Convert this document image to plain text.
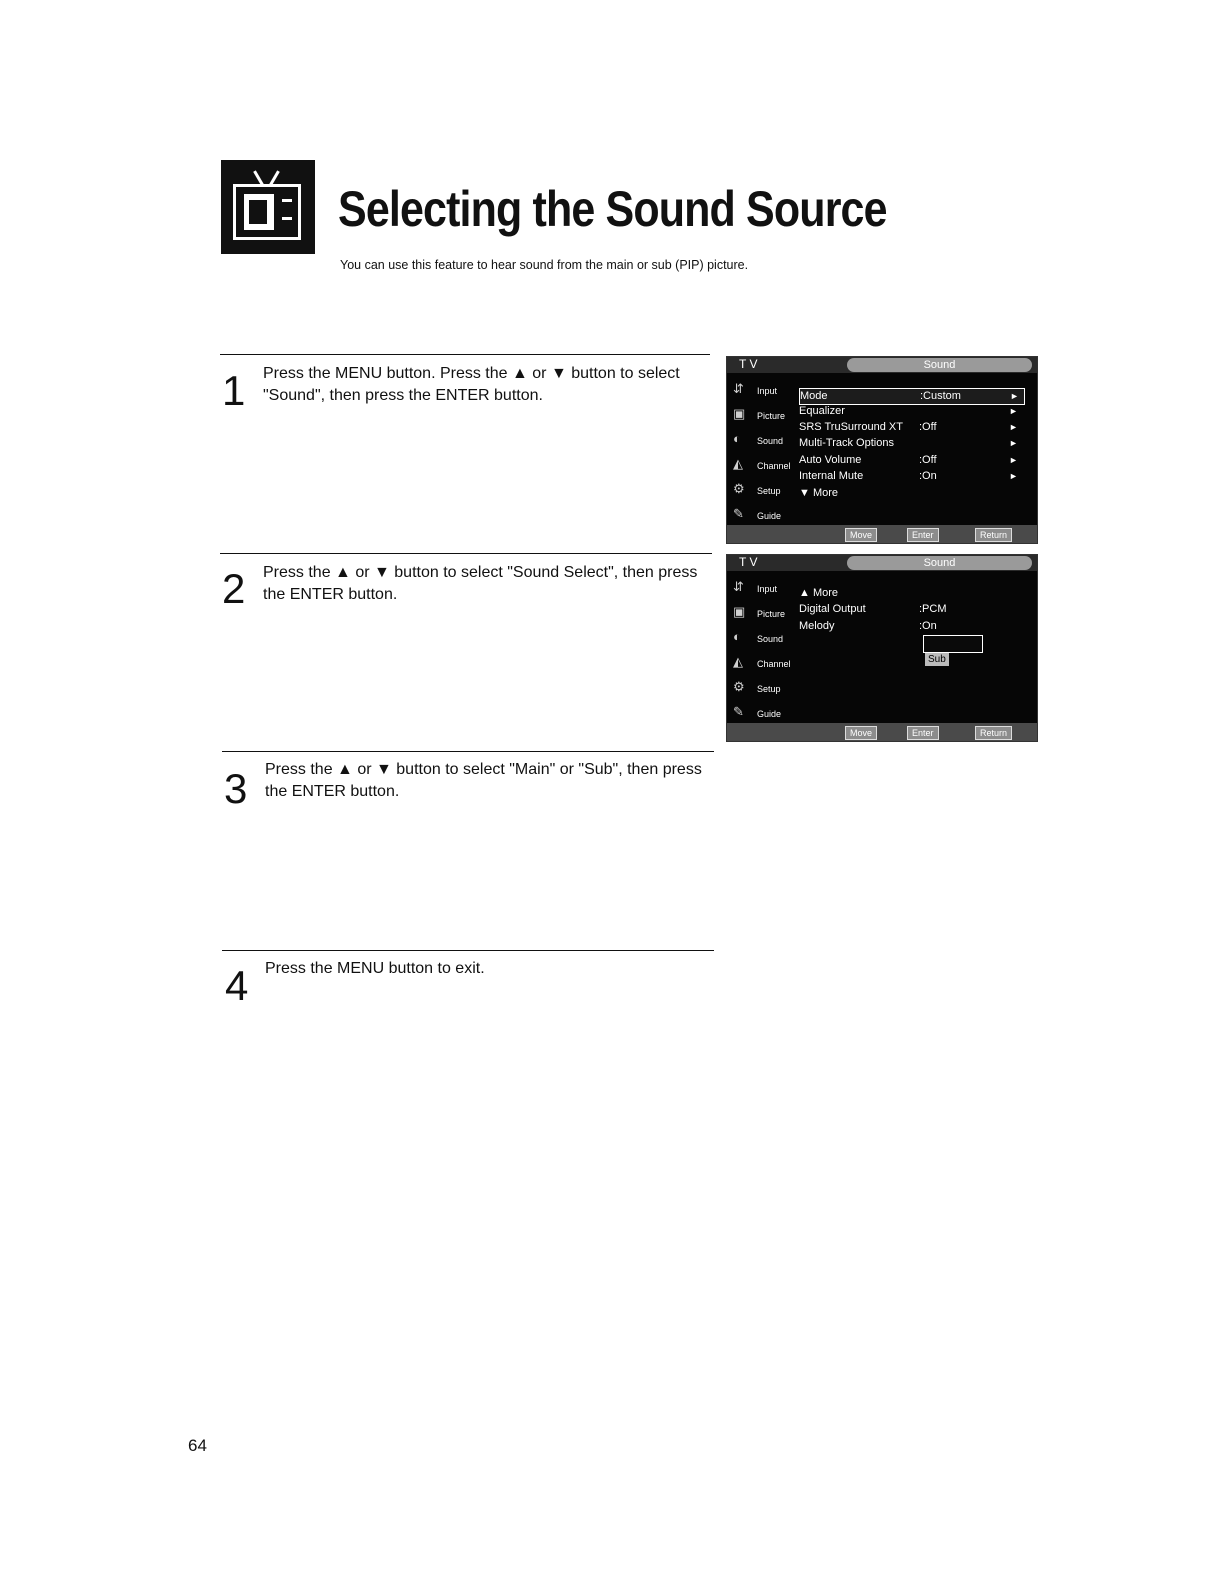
Selecting the Sound Source
You can use this feature to hear sound from the main or sub (PIP) picture.
1 Press the MENU button. Press the ▲ or ▼ button to select "Sound", then press the ENTER button.
2 Press the ▲ or ▼ button to select "Sound Select", then press the ENTER button.
3 Press the ▲ or ▼ button to select "Main" or "Sub", then press the ENTER button.
4 Press the MENU button to exit.
T V	Sound
⇵ Input
▣ Picture
◐ Sound
◭ Channel
⚙ Setup
✎ Guide
Mode	:Custom	►
Equalizer	►
SRS TruSurround XT :Off	►
Multi-Track Options	►
Auto Volume	:Off	►
Internal Mute	:On	►
▼ More
Move	Enter	Return
T V	Sound
⇵ Input
▣ Picture
◐ Sound
◭ Channel
⚙ Setup
✎ Guide
▲ More
Digital Output	:PCM
Melody	:On
Sub
Move	Enter	Return
64
